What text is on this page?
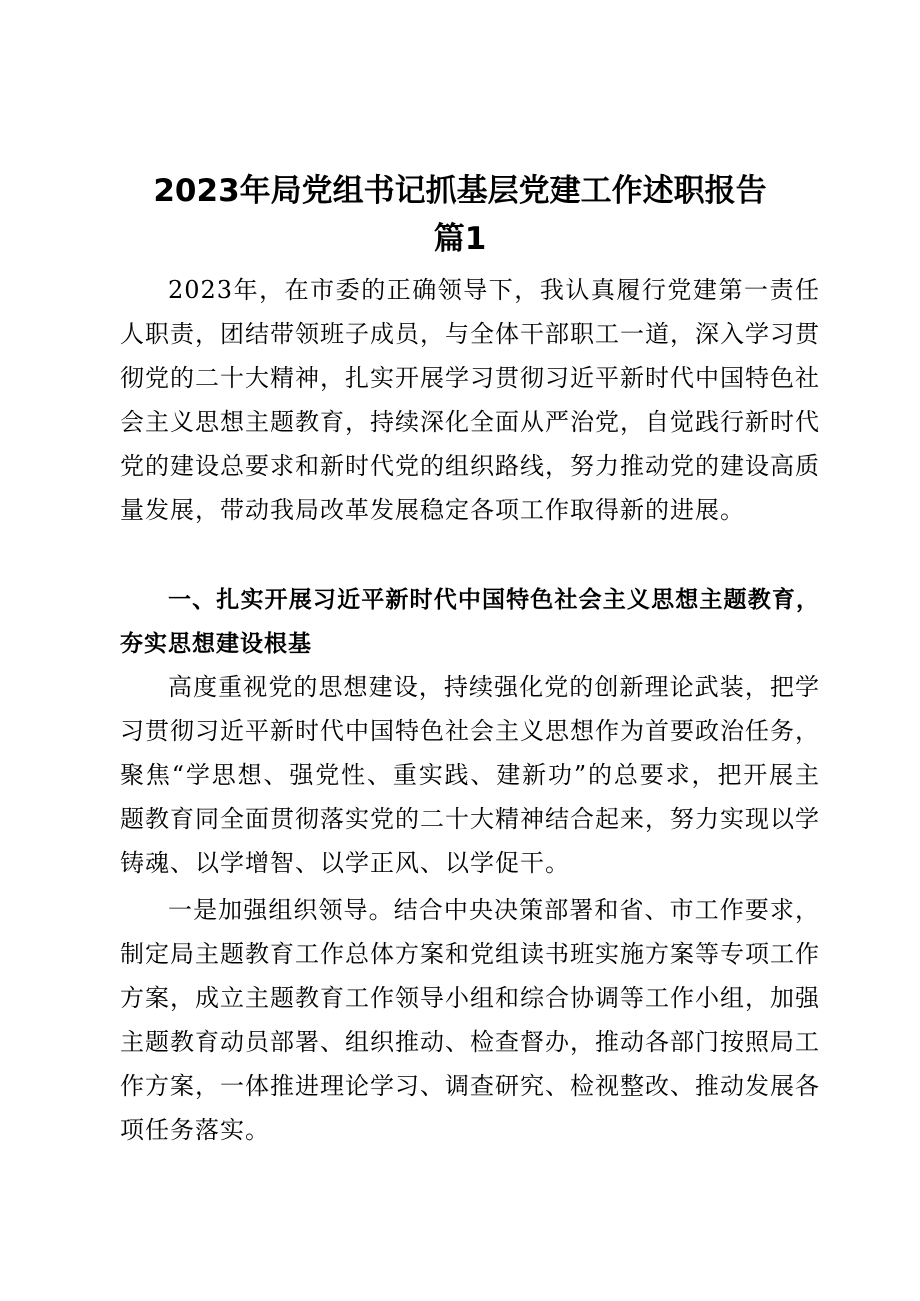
2023年局党组书记抓基层党建工作述职报告
篇1

2023年，在市委的正确领导下，我认真履行党建第一责任人职责，团结带领班子成员，与全体干部职工一道，深入学习贯彻党的二十大精神，扎实开展学习贯彻习近平新时代中国特色社会主义思想主题教育，持续深化全面从严治党，自觉践行新时代党的建设总要求和新时代党的组织路线，努力推动党的建设高质量发展，带动我局改革发展稳定各项工作取得新的进展。

一、扎实开展习近平新时代中国特色社会主义思想主题教育，夯实思想建设根基

高度重视党的思想建设，持续强化党的创新理论武装，把学习贯彻习近平新时代中国特色社会主义思想作为首要政治任务，聚焦“学思想、强党性、重实践、建新功”的总要求，把开展主题教育同全面贯彻落实党的二十大精神结合起来，努力实现以学铸魂、以学增智、以学正风、以学促干。

一是加强组织领导。结合中央决策部署和省、市工作要求，制定局主题教育工作总体方案和党组读书班实施方案等专项工作方案，成立主题教育工作领导小组和综合协调等工作小组，加强主题教育动员部署、组织推动、检查督办，推动各部门按照局工作方案，一体推进理论学习、调查研究、检视整改、推动发展各项任务落实。
